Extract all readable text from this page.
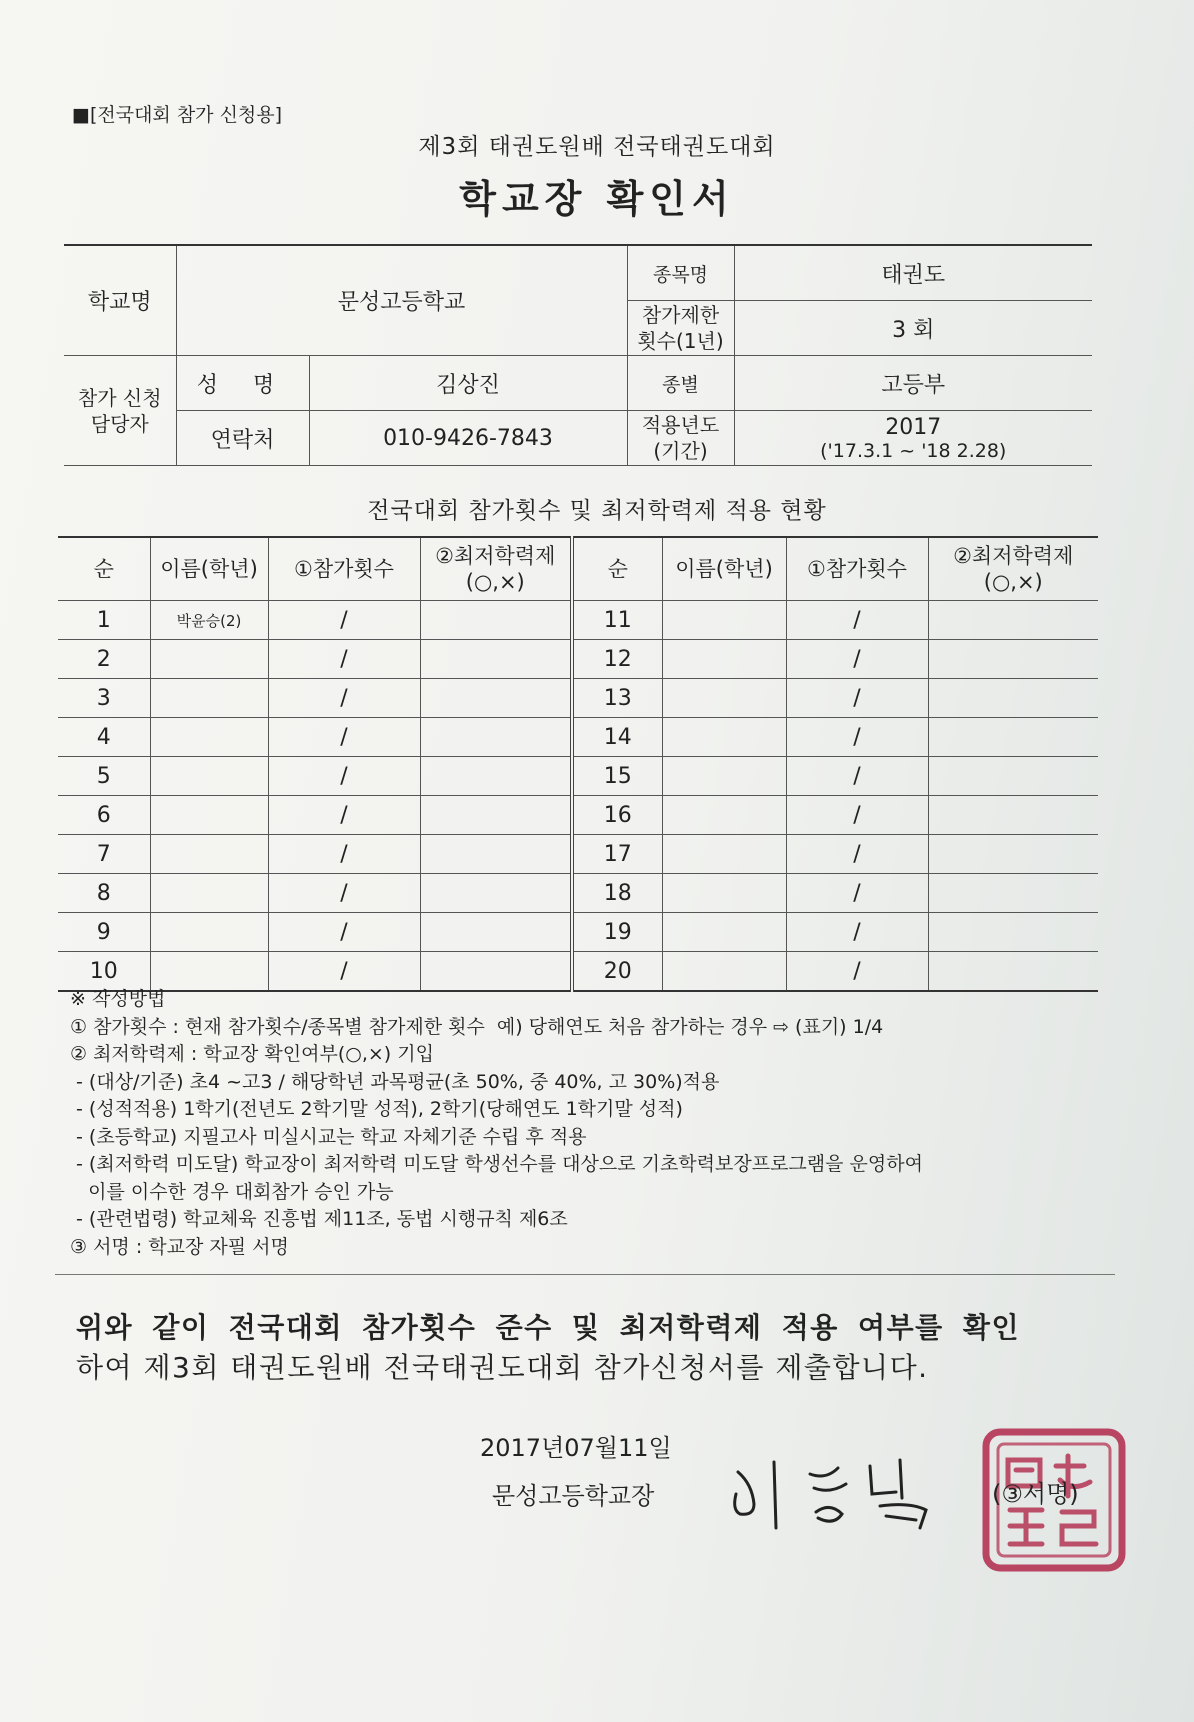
■[전국대회 참가 신청용]
제3회 태권도원배 전국태권도대회
학교장 확인서
학교명	문성고등학교		종목명	태권도
			참가제한 횟수(1년)	3 회
참가 신청 담당자	성 명	김상진	종별	고등부
	연락처	010-9426-7843	적용년도 (기간)	2017
('17.3.1 ~ '18 2.28)
전국대회 참가횟수 및 최저학력제 적용 현황
순	이름(학년)	①참가횟수	②최저학력제 (○,×)	순	이름(학년)	①참가횟수	②최저학력제 (○,×)
1	박윤승(2)	/		11		/	
2		/		12		/	
3		/		13		/	
4		/		14		/	
5		/		15		/	
6		/		16		/	
7		/		17		/	
8		/		18		/	
9		/		19		/	
10		/		20		/	
※ 작성방법
① 참가횟수 : 현재 참가횟수/종목별 참가제한 횟수  예) 당해연도 처음 참가하는 경우 ⇨ (표기) 1/4
② 최저학력제 : 학교장 확인여부(○,×) 기입
- (대상/기준) 초4 ~고3 / 해당학년 과목평균(초 50%, 중 40%, 고 30%)적용
- (성적적용) 1학기(전년도 2학기말 성적), 2학기(당해연도 1학기말 성적)
- (초등학교) 지필고사 미실시교는 학교 자체기준 수립 후 적용
- (최저학력 미도달) 학교장이 최저학력 미도달 학생선수를 대상으로 기초학력보장프로그램을 운영하여
이를 이수한 경우 대회참가 승인 가능
- (관련법령) 학교체육 진흥법 제11조, 동법 시행규칙 제6조
③ 서명 : 학교장 자필 서명
위와 같이 전국대회 참가횟수 준수 및 최저학력제 적용 여부를 확인
하여 제3회 태권도원배 전국태권도대회 참가신청서를 제출합니다.
2017년07월11일
문성고등학교장	(③서명)
